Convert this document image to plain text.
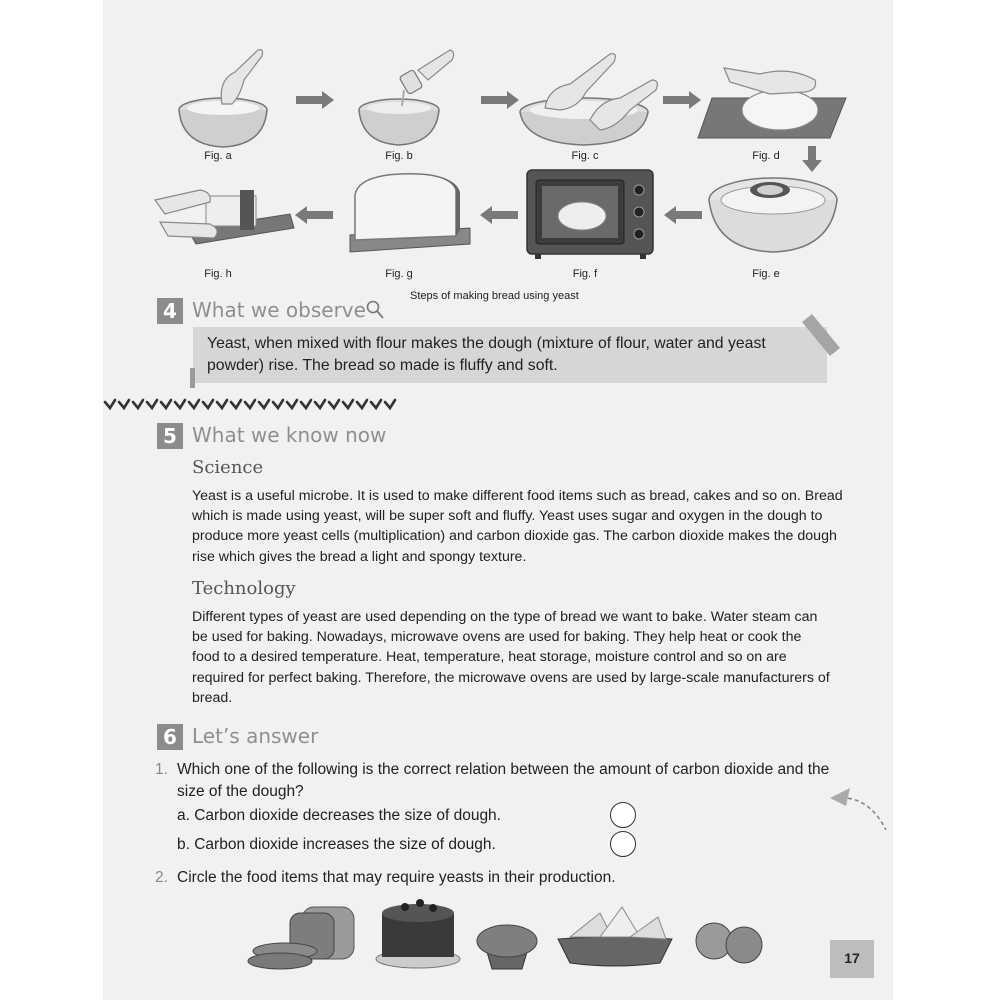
Fig. a	Fig. b	Fig. c	Fig. d
Fig. e
Fig. f
Fig. g
Fig. h
Steps of making bread using yeast
4 What we observe
Yeast, when mixed with flour makes the dough (mixture of flour, water and yeast powder) rise. The bread so made is fluffy and soft.
5 What we know now
Science
Yeast is a useful microbe. It is used to make different food items such as bread, cakes and so on. Bread which is made using yeast, will be super soft and fluffy. Yeast uses sugar and oxygen in the dough to produce more yeast cells (multiplication) and carbon dioxide gas. The carbon dioxide makes the dough rise which gives the bread a light and spongy texture.
Technology
Different types of yeast are used depending on the type of bread we want to bake. Water steam can be used for baking. Nowadays, microwave ovens are used for baking. They help heat or cook the food to a desired temperature. Heat, temperature, heat storage, moisture control and so on are required for perfect baking. Therefore, the microwave ovens are used by large-scale manufacturers of bread.
6 Let’s answer
1. Which one of the following is the correct relation between the amount of carbon dioxide and the size of the dough?
a. Carbon dioxide decreases the size of dough.
b. Carbon dioxide increases the size of dough.
2. Circle the food items that may require yeasts in their production.
17
